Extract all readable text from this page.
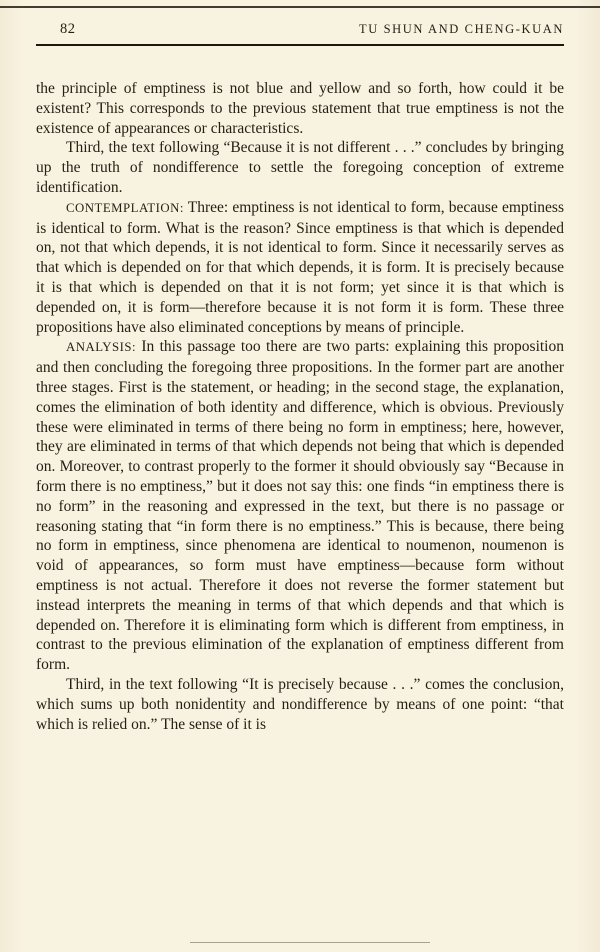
82	TU SHUN AND CHENG-KUAN

the principle of emptiness is not blue and yellow and so forth, how could it be existent? This corresponds to the previous statement that true emptiness is not the existence of appearances or characteristics.

Third, the text following “Because it is not different . . .” concludes by bringing up the truth of nondifference to settle the foregoing conception of extreme identification.

CONTEMPLATION: Three: emptiness is not identical to form, because emptiness is identical to form. What is the reason? Since emptiness is that which is depended on, not that which depends, it is not identical to form. Since it necessarily serves as that which is depended on for that which depends, it is form. It is precisely because it is that which is depended on that it is not form; yet since it is that which is depended on, it is form—therefore because it is not form it is form. These three propositions have also eliminated conceptions by means of principle.

ANALYSIS: In this passage too there are two parts: explaining this proposition and then concluding the foregoing three propositions. In the former part are another three stages. First is the statement, or heading; in the second stage, the explanation, comes the elimination of both identity and difference, which is obvious. Previously these were eliminated in terms of there being no form in emptiness; here, however, they are eliminated in terms of that which depends not being that which is depended on. Moreover, to contrast properly to the former it should obviously say “Because in form there is no emptiness,” but it does not say this: one finds “in emptiness there is no form” in the reasoning and expressed in the text, but there is no passage or reasoning stating that “in form there is no emptiness.” This is because, there being no form in emptiness, since phenomena are identical to noumenon, noumenon is void of appearances, so form must have emptiness—because form without emptiness is not actual. Therefore it does not reverse the former statement but instead interprets the meaning in terms of that which depends and that which is depended on. Therefore it is eliminating form which is different from emptiness, in contrast to the previous elimination of the explanation of emptiness different from form.

Third, in the text following “It is precisely because . . .” comes the conclusion, which sums up both nonidentity and nondifference by means of one point: “that which is relied on.” The sense of it is
